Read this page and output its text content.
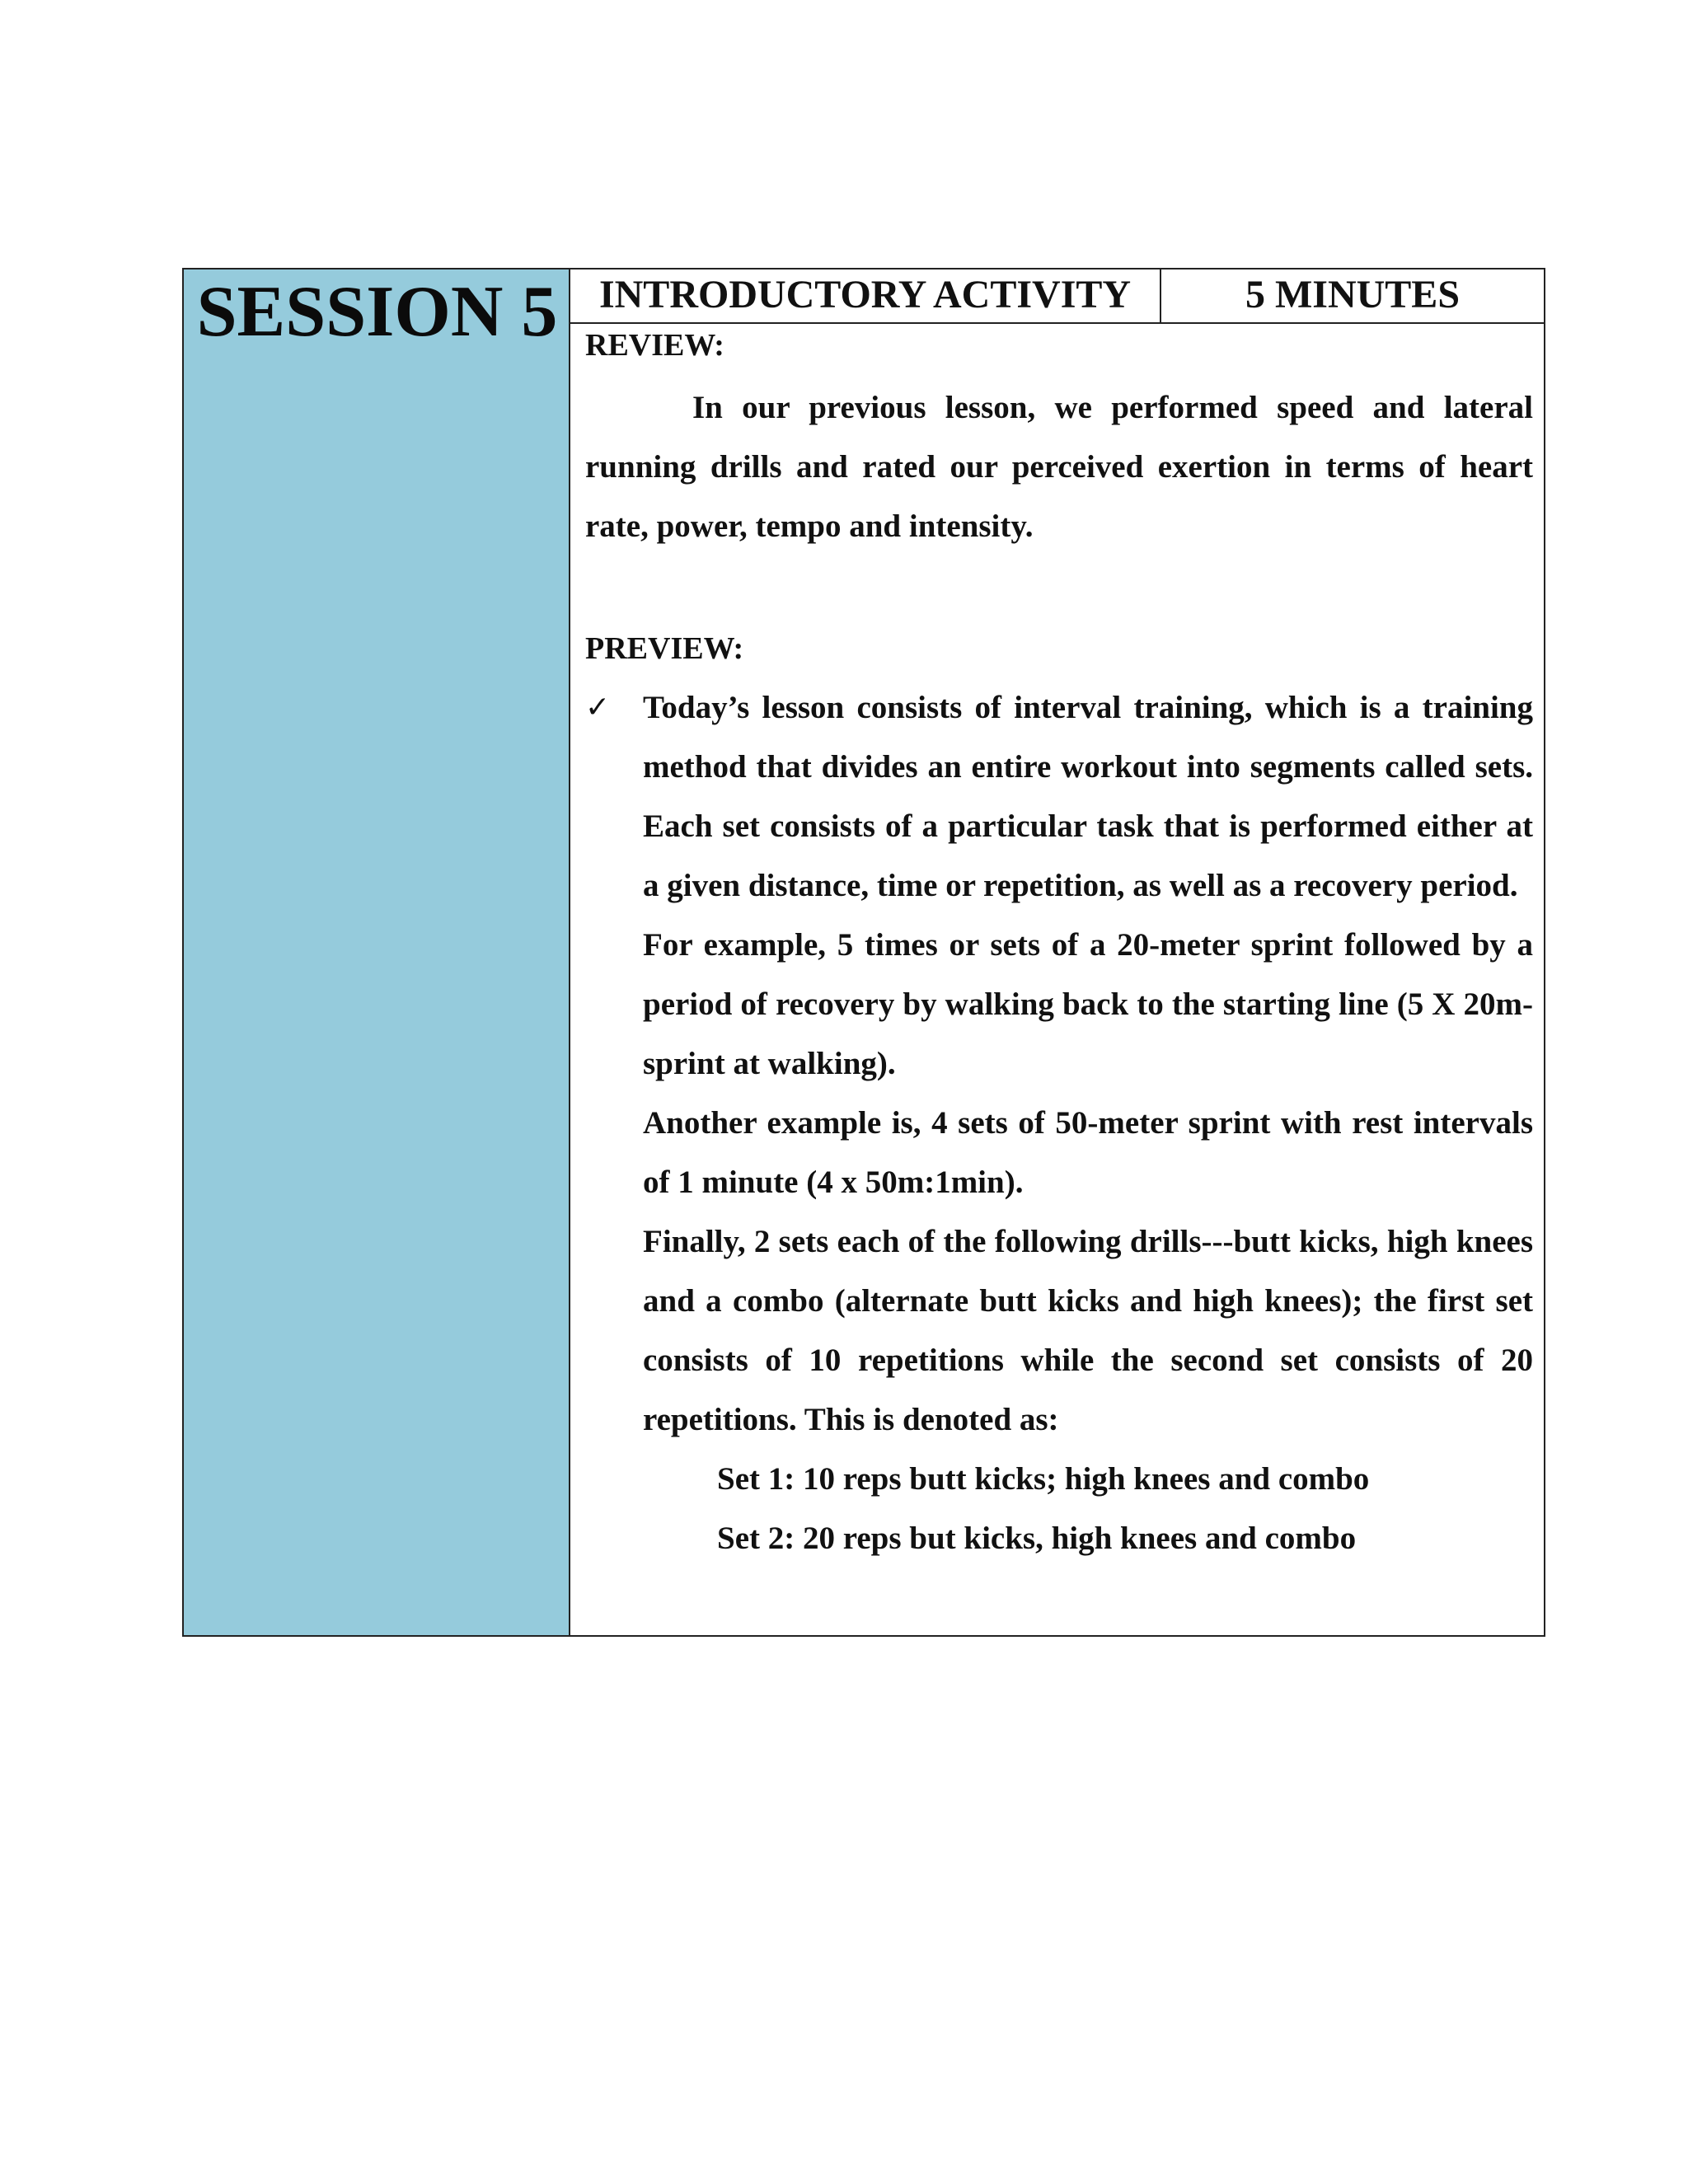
SESSION 5	INTRODUCTORY ACTIVITY	5 MINUTES

REVIEW:

In our previous lesson, we performed speed and lateral running drills and rated our perceived exertion in terms of heart rate, power, tempo and intensity.

PREVIEW:

✓ Today’s lesson consists of interval training, which is a training method that divides an entire workout into segments called sets. Each set consists of a particular task that is performed either at a given distance, time or repetition, as well as a recovery period.

For example, 5 times or sets of a 20-meter sprint followed by a period of recovery by walking back to the starting line (5 X 20m-sprint at walking).

Another example is, 4 sets of 50-meter sprint with rest intervals of 1 minute (4 x 50m:1min).

Finally, 2 sets each of the following drills---butt kicks, high knees and a combo (alternate butt kicks and high knees); the first set consists of 10 repetitions while the second set consists of 20 repetitions. This is denoted as:

Set 1: 10 reps butt kicks; high knees and combo

Set 2: 20 reps but kicks, high knees and combo
